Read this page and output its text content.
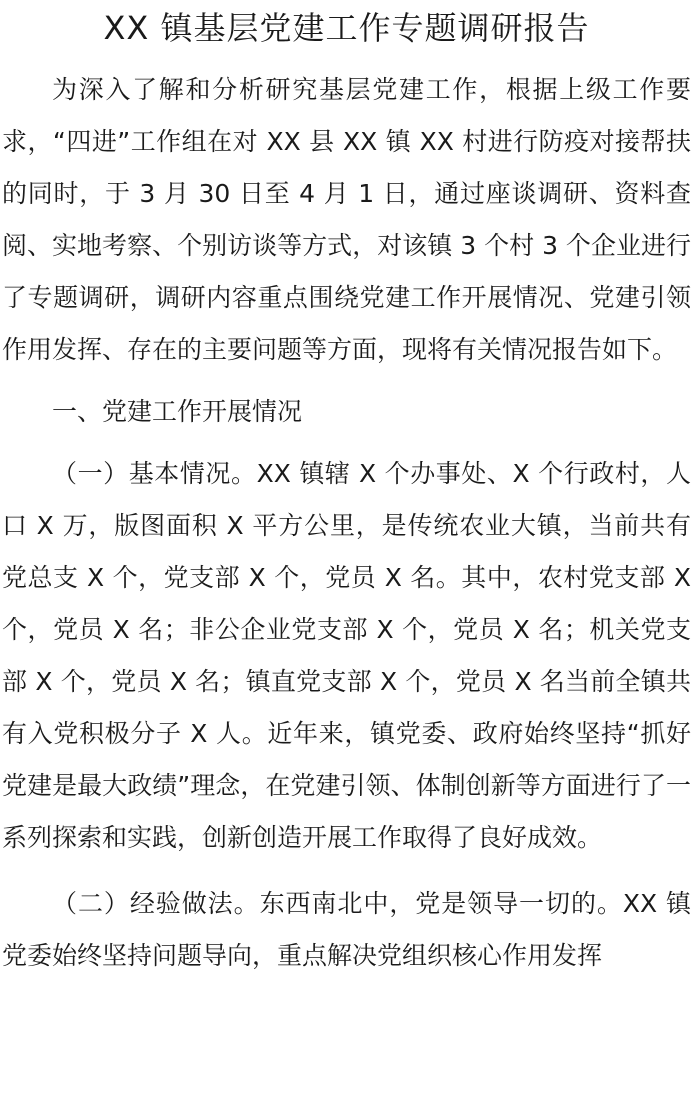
XX 镇基层党建工作专题调研报告

为深入了解和分析研究基层党建工作，根据上级工作要求，“四进”工作组在对 XX 县 XX 镇 XX 村进行防疫对接帮扶的同时，于 3 月 30 日至 4 月 1 日，通过座谈调研、资料查阅、实地考察、个别访谈等方式，对该镇 3 个村 3 个企业进行了专题调研，调研内容重点围绕党建工作开展情况、党建引领作用发挥、存在的主要问题等方面，现将有关情况报告如下。

一、党建工作开展情况

（一）基本情况。XX 镇辖 X 个办事处、X 个行政村，人口 X 万，版图面积 X 平方公里，是传统农业大镇，当前共有党总支 X 个，党支部 X 个，党员 X 名。其中，农村党支部 X 个，党员 X 名；非公企业党支部 X 个，党员 X 名；机关党支部 X 个，党员 X 名；镇直党支部 X 个，党员 X 名当前全镇共有入党积极分子 X 人。近年来，镇党委、政府始终坚持“抓好党建是最大政绩”理念，在党建引领、体制创新等方面进行了一系列探索和实践，创新创造开展工作取得了良好成效。

（二）经验做法。东西南北中，党是领导一切的。XX 镇党委始终坚持问题导向，重点解决党组织核心作用发挥
